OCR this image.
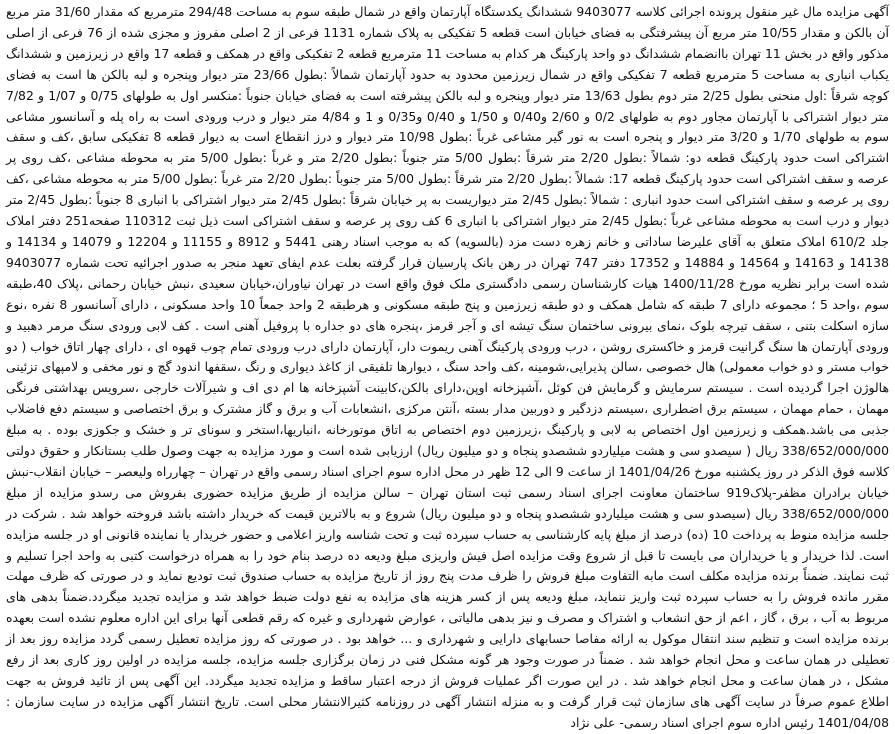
آگهی مزایده مال غیر منقول پرونده اجرائی کلاسه 9403077 ششدانگ یکدستگاه آپارتمان واقع در شمال طبقه سوم به مساحت 294/48 مترمربع که مقدار 31/60 متر مربع آن بالکن و مقدار 10/55 متر مربع آن پیشرفتگی به فضای خیابان است قطعه 5 تفکیکی به پلاک شماره 1131 فرعی از 2 اصلی مفروز و مجزی شده از 76 فرعی از اصلی مذکور واقع در بخش 11 تهران باانضمام ششدانگ دو واحد پارکینگ هر کدام به مساحت 11 مترمربع قطعه 2 تفکیکی واقع در همکف و قطعه 17 واقع در زیرزمین و ششدانگ یکباب انباری به مساحت 5 مترمربع قطعه 7 تفکیکی واقع در شمال زیرزمین محدود به حدود آپارتمان شمالاً :بطول 23/66 متر دیوار وپنجره و لبه بالکن ها است به فضای کوچه شرقاً :اول منحنی بطول 2/25 متر دوم بطول 13/63 متر دیوار وپنجره و لبه بالکن پیشرفته است به فضای خیابان جنوباً :منکسر اول به طولهای 0/75 و 1/07 و 7/82 متر دیوار اشتراکی با آپارتمان مجاور دوم به طولهای 0/2 و 2/60 و0/40 و 1/50 و 0/40 و0/35 و 1 و 4/84 متر دیوار و درب ورودی است به راه پله و آسانسور مشاعی سوم به طولهای 1/70 و 3/20 متر دیوار و پنجره است به نور گیر مشاعی غرباً :بطول 10/98 متر دیوار و درز انقطاع است به دیوار قطعه 8 تفکیکی سابق ،کف و سقف اشتراکی است حدود پارکینگ قطعه دو: شمالاً :بطول 2/20 متر شرقاً :بطول 5/00 متر جنوباً :بطول 2/20 متر و غرباً :بطول 5/00 متر به محوطه مشاعی ،کف روی پر عرصه و سقف اشتراکی است حدود پارکینگ قطعه 17: شمالاً :بطول 2/20 متر شرقاً :بطول 5/00 متر جنوباً :بطول 2/20 متر غرباً :بطول 5/00 متر به محوطه مشاعی ،کف روی پر عرصه و سقف اشتراکی است حدود انباری : شمالاً :بطول 2/45 متر دیواریست به پر خیابان شرقاً :بطول 2/45 متر دیوار اشتراکی با انباری 8 جنوباً :بطول 2/45 متر دیوار و درب است به محوطه مشاعی غرباً :بطول 2/45 متر دیوار اشتراکی با انباری 6 کف روی پر عرصه و سقف اشتراکی است ذیل ثبت 110312 صفحه251 دفتر املاک جلد 610/2 املاک متعلق به آقای علیرضا ساداتی و خانم زهره دست مزد (بالسویه) که به موجب اسناد رهنی 5441 و 8912 و 11155 و 12204 و 14079 و 14134 و 14138 و 14163 و 14564 و 14884 و 17352 دفتر 747 تهران در رهن بانک پارسیان قرار گرفته بعلت عدم ایفای تعهد منجر به صدور اجرائیه تحت شماره 9403077 شده است برابر نظریه مورخ 1400/11/28 هیات کارشناسان رسمی دادگستری ملک فوق واقع است در تهران نیاوران،خیابان سعیدی ،نبش خیابان رحمانی ،پلاک 40،طبقه سوم ،واحد 5 ؛ مجموعه دارای 7 طبقه که شامل همکف و دو طبقه زیرزمین و پنج طبقه مسکونی و هرطبقه 2 واحد جمعاً 10 واحد مسکونی ، دارای آسانسور 8 نفره ،نوع سازه اسکلت بتنی ، سقف تیرچه بلوک ،نمای بیرونی ساختمان سنگ تیشه ای و آجر قرمز ،پنجره های دو جداره با پروفیل آهنی است . کف لابی ورودی سنگ مرمر دهبید و ورودی آپارتمان ها سنگ گرانیت قرمز و خاکستری روشن ، درب ورودی پارکینگ آهنی ریموت دار، آپارتمان دارای درب ورودی تمام چوب قهوه ای ، دارای چهار اتاق خواب ( دو خواب مستر و دو خواب معمولی) هال خصوصی ،سالن پذیرایی،شومینه ،کف واحد سنگ ، دیوارها تلفیقی از کاغذ دیواری و رنگ ،سقفها اندود گچ و نور مخفی و لامپهای تزئینی هالوژن اجرا گردیده است . سیستم سرمایش و گرمایش فن کوئل ،آشپزخانه اوپن،دارای بالکن،کابینت آشپزخانه ها ام دی اف و شیرآلات خارجی ،سرویس بهداشتی فرنگی مهمان ، حمام مهمان ، سیستم برق اضطراری ،سیستم دزدگیر و دوربین مدار بسته ،آنتن مرکزی ،انشعابات آب و برق و گاز مشترک و برق اختصاصی و سیستم دفع فاضلاب جذبی می باشد.همکف و زیرزمین اول اختصاص به لابی و پارکینگ ،زیرزمین دوم اختصاص به اتاق موتورخانه ،انباریها،استخر و سونای تر و خشک و جکوزی بوده . به مبلغ 338/652/000/000 ریال ( سیصدو سی و هشت میلیاردو ششصدو پنجاه و دو میلیون ریال) ارزیابی شده است و مورد مزایده به جهت وصول طلب بستانکار و حقوق دولتی کلاسه فوق الذکر در روز یکشنبه مورخ 1401/04/26 از ساعت 9 الی 12 ظهر در محل اداره سوم اجرای اسناد رسمی واقع در تهران – چهارراه ولیعصر – خیابان انقلاب-نبش خیابان برادران مظفر-پلاک919 ساختمان معاونت اجرای اسناد رسمی ثبت استان تهران – سالن مزایده از طریق مزایده حضوری بفروش می رسدو مزایده از مبلغ 338/652/000/000 ریال (سیصدو سی و هشت میلیاردو ششصدو پنجاه و دو میلیون ریال) شروع و به بالاترین قیمت که خریدار داشته باشد فروخته خواهد شد . شرکت در جلسه مزایده منوط به پرداخت 10 (ده) درصد از مبلغ پایه کارشناسی به حساب سپرده ثبت و تحت شناسه واریز اعلامی و حضور خریدار یا نماینده قانونی او در جلسه مزایده است. لذا خریدار و یا خریداران می بایست تا قبل از شروع وقت مزایده اصل فیش واریزی مبلغ ودیعه ده درصد بنام خود را به همراه درخواست کتبی به واحد اجرا تسلیم و ثبت نمایند. ضمناً برنده مزایده مکلف است مابه التفاوت مبلغ فروش را ظرف مدت پنج روز از تاریخ مزایده به حساب صندوق ثبت تودیع نماید و در صورتی که ظرف مهلت مقرر مانده فروش را به حساب سپرده ثبت واریز ننماید، مبلغ ودیعه پس از کسر هزینه های مزایده به نفع دولت ضبط خواهد شد و مزایده تجدید میگردد.ضمناً بدهی های مربوط به آب ، برق ، گاز ، اعم از حق انشعاب و اشتراک و مصرف و نیز بدهی مالیاتی ، عوارض شهرداری و غیره که رقم قطعی آنها برای این اداره معلوم نشده است بعهده برنده مزایده است و تنظیم سند انتقال موکول به ارائه مفاصا حسابهای دارایی و شهرداری و ... خواهد بود . در صورتی که روز مزایده تعطیل رسمی گردد مزایده روز بعد از تعطیلی در همان ساعت و محل انجام خواهد شد . ضمناً در صورت وجود هر گونه مشکل فنی در زمان برگزاری جلسه مزایده، جلسه مزایده در اولین روز کاری بعد از رفع مشکل ، در همان ساعت و محل انجام خواهد شد . در این صورت اگر عملیات فروش از درجه اعتبار ساقط و مزایده تجدید میگردد. این آگهی پس از تائید فروش به جهت اطلاع عموم صرفاً در سایت آگهی های سازمان ثبت قرار گرفت و به منزله انتشار آگهی در روزنامه کثیرالانتشار محلی است. تاریخ انتشار آگهی مزایده در سایت سازمان : 1401/04/08 رئیس اداره سوم اجرای اسناد رسمی- علی نژاد
